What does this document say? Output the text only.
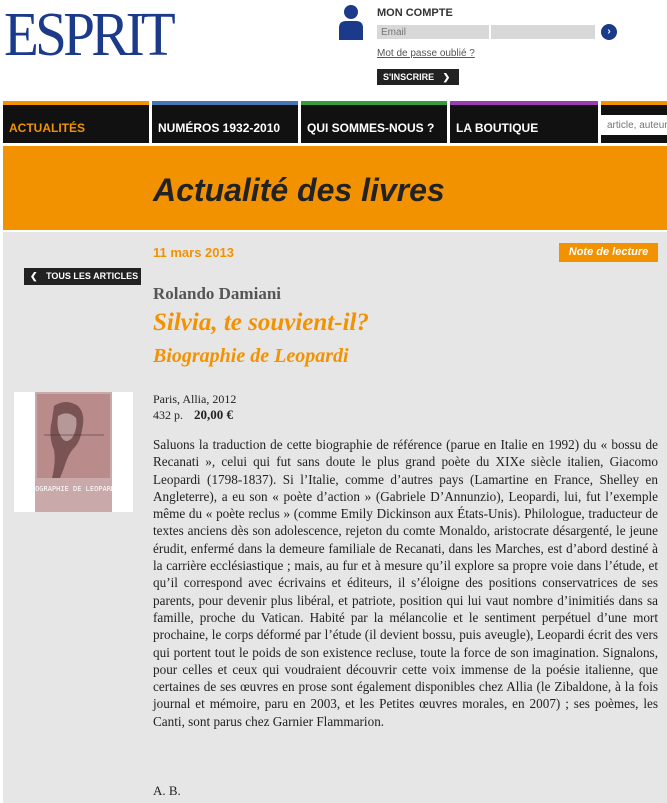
ESPRIT	MON COMPTE
Email
›
Mot de passe oublié ?
S'INSCRIRE ❯
ACTUALITÉS	NUMÉROS 1932-2010	QUI SOMMES-NOUS ?	LA BOUTIQUE
article, auteur
Actualité des livres
11 mars 2013	Note de lecture
❮ TOUS LES ARTICLES
Rolando Damiani
Silvia, te souvient-il?
Biographie de Leopardi
BIOGRAPHIE DE LEOPARDI
Paris, Allia, 2012
432 p. 20,00 €
Saluons la traduction de cette biographie de référence (parue en Italie en 1992) du « bossu de Recanati », celui qui fut sans doute le plus grand poète du XIXe siècle italien, Giacomo Leopardi (1798-1837). Si l’Italie, comme d’autres pays (Lamartine en France, Shelley en Angleterre), a eu son « poète d’action » (Gabriele D’Annunzio), Leopardi, lui, fut l’exemple même du « poète reclus » (comme Emily Dickinson aux États-Unis). Philologue, traducteur de textes anciens dès son adolescence, rejeton du comte Monaldo, aristocrate désargenté, le jeune érudit, enfermé dans la demeure familiale de Recanati, dans les Marches, est d’abord destiné à la carrière ecclésiastique ; mais, au fur et à mesure qu’il explore sa propre voie dans l’étude, et qu’il correspond avec écrivains et éditeurs, il s’éloigne des positions conservatrices de ses parents, pour devenir plus libéral, et patriote, position qui lui vaut nombre d’inimitiés dans sa famille, proche du Vatican. Habité par la mélancolie et le sentiment perpétuel d’une mort prochaine, le corps déformé par l’étude (il devient bossu, puis aveugle), Leopardi écrit des vers qui portent tout le poids de son existence recluse, toute la force de son imagination. Signalons, pour celles et ceux qui voudraient découvrir cette voix immense de la poésie italienne, que certaines de ses œuvres en prose sont également disponibles chez Allia (le Zibaldone, à la fois journal et mémoire, paru en 2003, et les Petites œuvres morales, en 2007) ; ses poèmes, les Canti, sont parus chez Garnier Flammarion.
A. B.
